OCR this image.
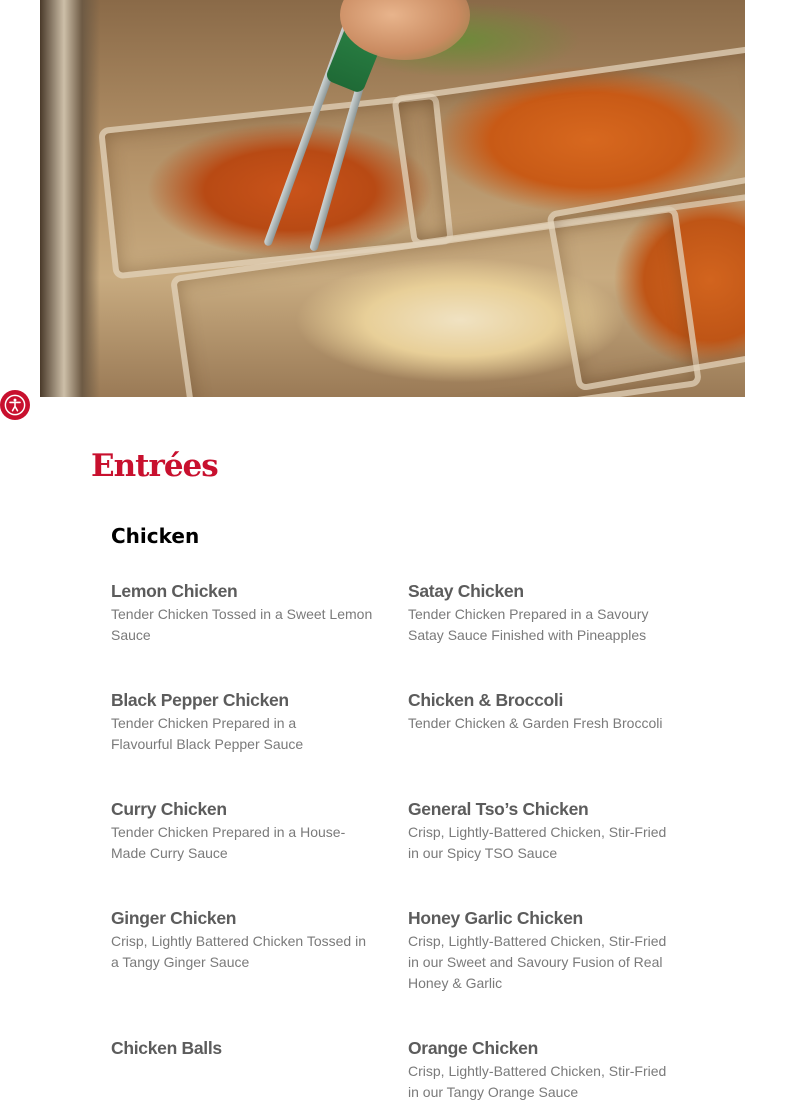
Entrées
Chicken

Lemon Chicken

Tender Chicken Tossed in a Sweet Lemon Sauce

Satay Chicken

Tender Chicken Prepared in a Savoury Satay Sauce Finished with Pineapples

Black Pepper Chicken

Tender Chicken Prepared in a Flavourful Black Pepper Sauce

Chicken & Broccoli

Tender Chicken & Garden Fresh Broccoli

Curry Chicken

Tender Chicken Prepared in a House-Made Curry Sauce

General Tso’s Chicken

Crisp, Lightly-Battered Chicken, Stir-Fried in our Spicy TSO Sauce

Ginger Chicken

Crisp, Lightly Battered Chicken Tossed in a Tangy Ginger Sauce

Honey Garlic Chicken

Crisp, Lightly-Battered Chicken, Stir-Fried in our Sweet and Savoury Fusion of Real Honey & Garlic

Chicken Balls	Orange Chicken

Crisp, Lightly-Battered Chicken, Stir-Fried in our Tangy Orange Sauce
